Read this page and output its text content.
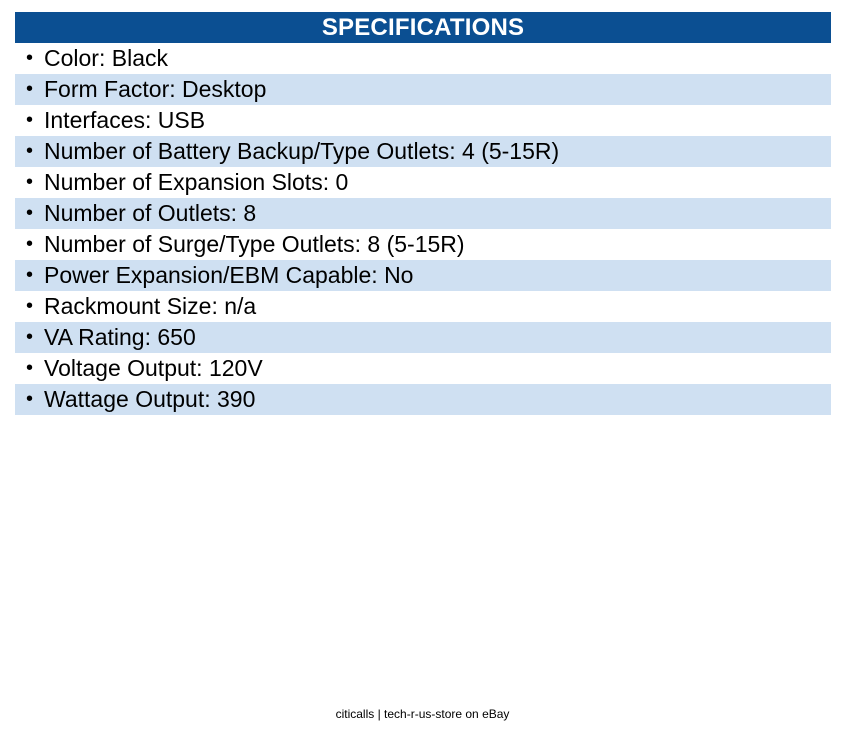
SPECIFICATIONS
• Color: Black
• Form Factor: Desktop
• Interfaces: USB
• Number of Battery Backup/Type Outlets: 4 (5-15R)
• Number of Expansion Slots: 0
• Number of Outlets: 8
• Number of Surge/Type Outlets: 8 (5-15R)
• Power Expansion/EBM Capable: No
• Rackmount Size: n/a
• VA Rating: 650
• Voltage Output: 120V
• Wattage Output: 390
citicalls | tech-r-us-store on eBay
